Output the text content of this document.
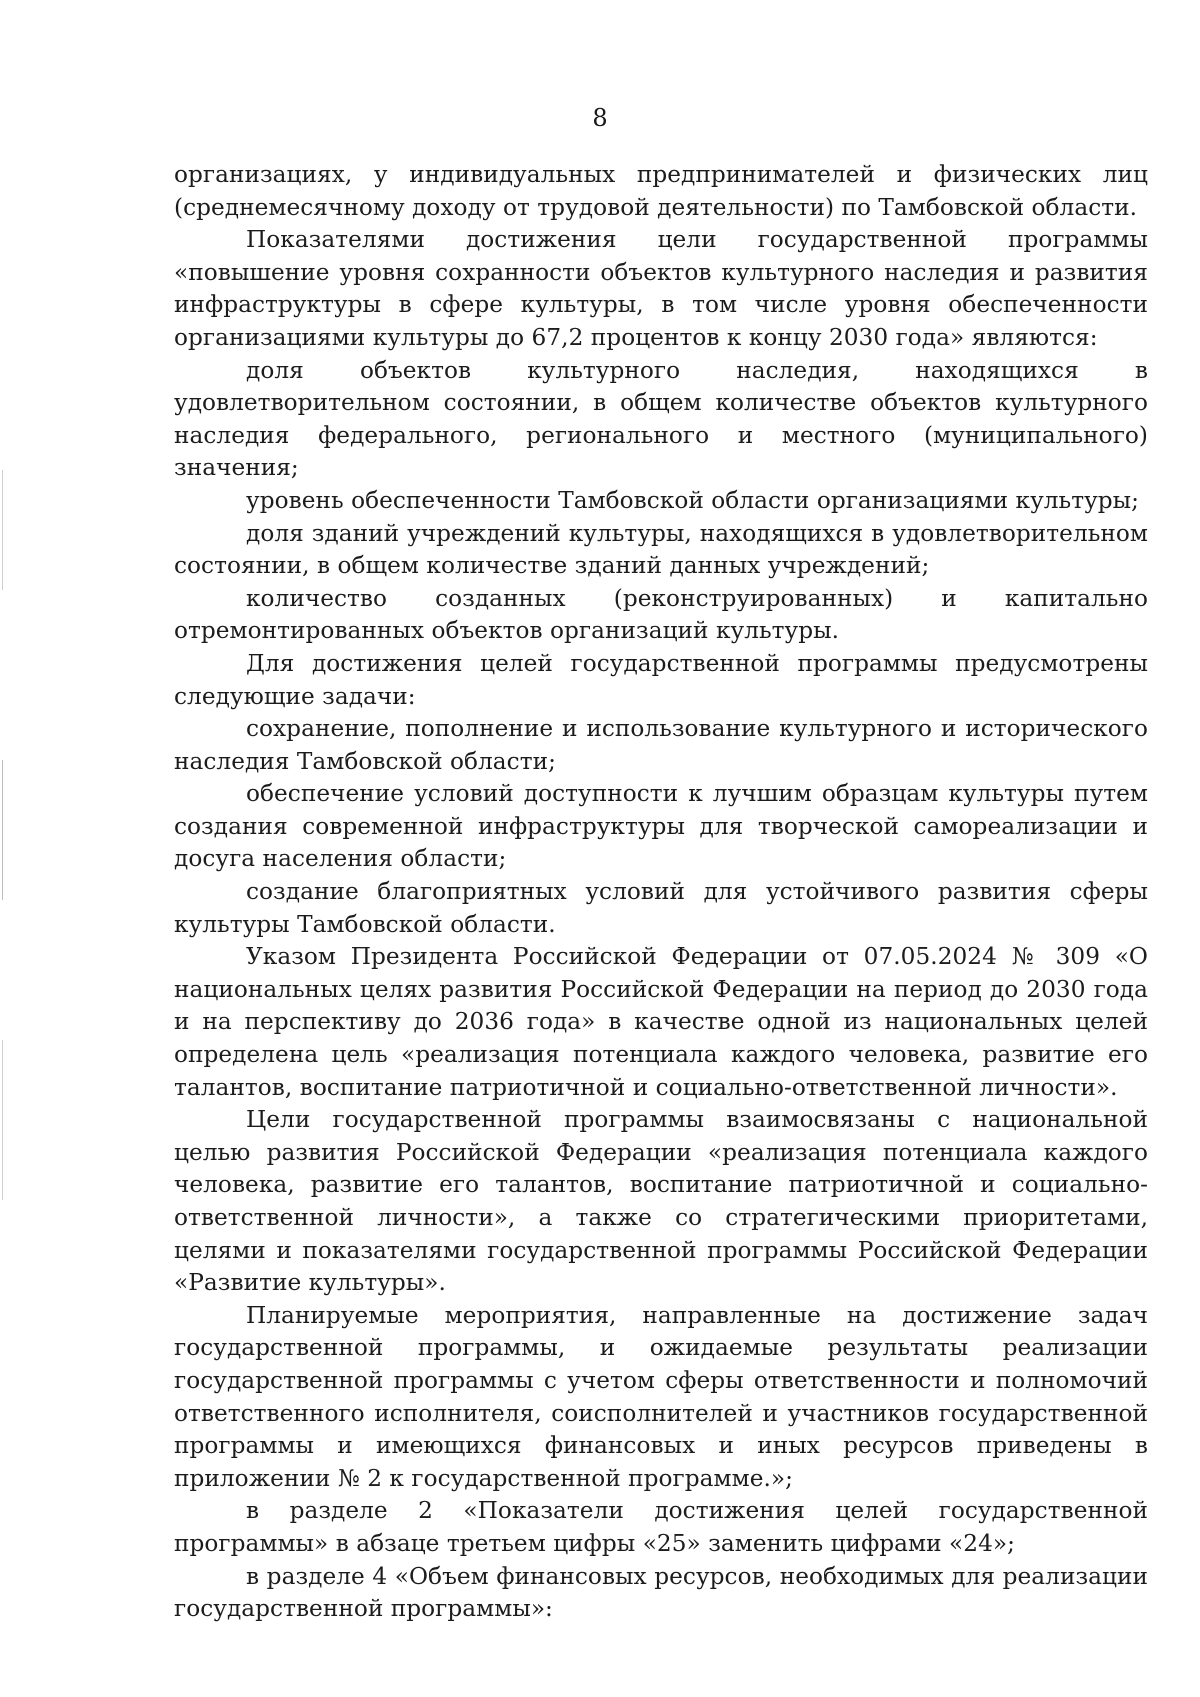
8

организациях, у индивидуальных предпринимателей и физических лиц (среднемесячному доходу от трудовой деятельности) по Тамбовской области.

Показателями достижения цели государственной программы «повышение уровня сохранности объектов культурного наследия и развития инфраструктуры в сфере культуры, в том числе уровня обеспеченности организациями культуры до 67,2 процентов к концу 2030 года» являются:

доля объектов культурного наследия, находящихся в удовлетворительном состоянии, в общем количестве объектов культурного наследия федерального, регионального и местного (муниципального) значения;

уровень обеспеченности Тамбовской области организациями культуры;

доля зданий учреждений культуры, находящихся в удовлетворительном состоянии, в общем количестве зданий данных учреждений;

количество созданных (реконструированных) и капитально отремонтированных объектов организаций культуры.

Для достижения целей государственной программы предусмотрены следующие задачи:

сохранение, пополнение и использование культурного и исторического наследия Тамбовской области;

обеспечение условий доступности к лучшим образцам культуры путем создания современной инфраструктуры для творческой самореализации и досуга населения области;

создание благоприятных условий для устойчивого развития сферы культуры Тамбовской области.

Указом Президента Российской Федерации от 07.05.2024 № 309 «О национальных целях развития Российской Федерации на период до 2030 года и на перспективу до 2036 года» в качестве одной из национальных целей определена цель «реализация потенциала каждого человека, развитие его талантов, воспитание патриотичной и социально-ответственной личности».

Цели государственной программы взаимосвязаны с национальной целью развития Российской Федерации «реализация потенциала каждого человека, развитие его талантов, воспитание патриотичной и социально-ответственной личности», а также со стратегическими приоритетами, целями и показателями государственной программы Российской Федерации «Развитие культуры».

Планируемые мероприятия, направленные на достижение задач государственной программы, и ожидаемые результаты реализации государственной программы с учетом сферы ответственности и полномочий ответственного исполнителя, соисполнителей и участников государственной программы и имеющихся финансовых и иных ресурсов приведены в приложении № 2 к государственной программе.»;

в разделе 2 «Показатели достижения целей государственной программы» в абзаце третьем цифры «25» заменить цифрами «24»;

в разделе 4 «Объем финансовых ресурсов, необходимых для реализации государственной программы»:
